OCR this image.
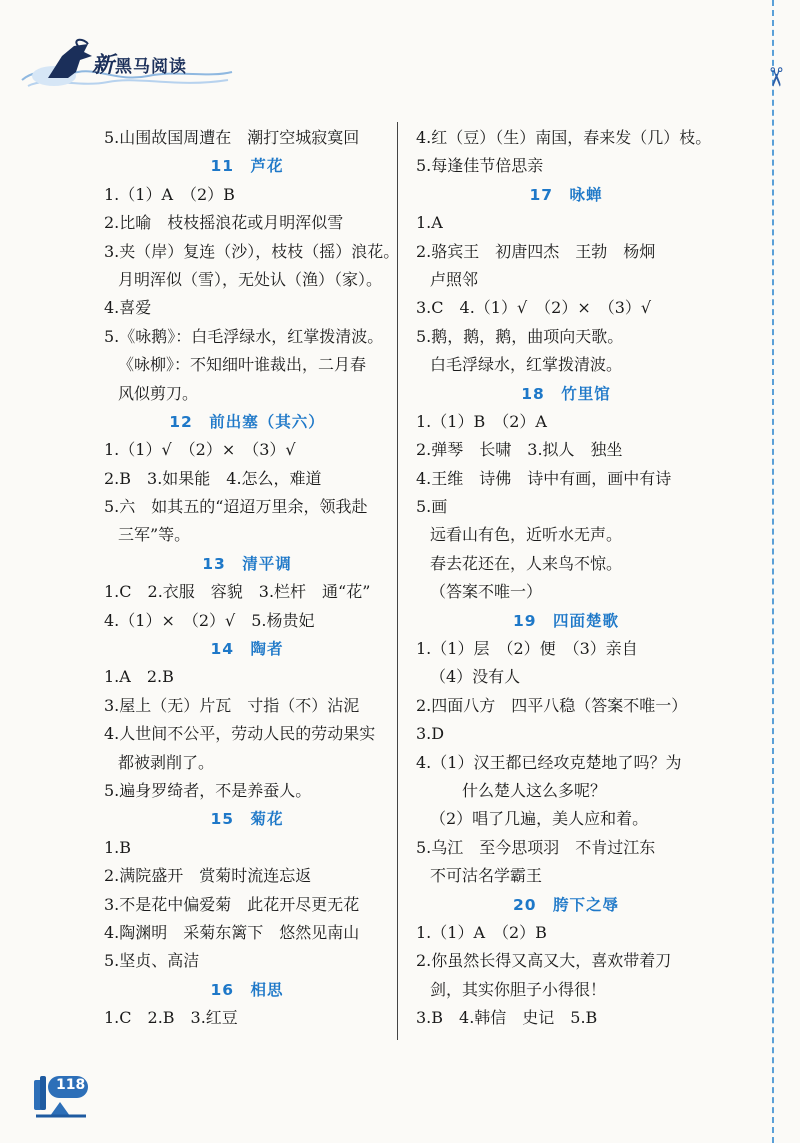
新黑马阅读	✂
5.山围故国周遭在　潮打空城寂寞回
11　芦花
1.（1）A　（2）B
2.比喻　枝枝摇浪花或月明浑似雪
3.夹（岸）复连（沙），枝枝（摇）浪花。
月明浑似（雪），无处认（渔）（家）。
4.喜爱
5.《咏鹅》：白毛浮绿水，红掌拨清波。
《咏柳》：不知细叶谁裁出，二月春
风似剪刀。
12　前出塞（其六）
1.（1）√　（2）×　（3）√
2.B　3.如果能　4.怎么，难道
5.六　如其五的“迢迢万里余，领我赴
三军”等。
13　清平调
1.C　2.衣服　容貌　3.栏杆　通“花”
4.（1）×　（2）√　5.杨贵妃
14　陶者
1.A　2.B
3.屋上（无）片瓦　寸指（不）沾泥
4.人世间不公平，劳动人民的劳动果实
都被剥削了。
5.遍身罗绮者，不是养蚕人。
15　菊花
1.B
2.满院盛开　赏菊时流连忘返
3.不是花中偏爱菊　此花开尽更无花
4.陶渊明　采菊东篱下　悠然见南山
5.坚贞、高洁
16　相思
1.C　2.B　3.红豆
4.红（豆）（生）南国，春来发（几）枝。
5.每逢佳节倍思亲
17　咏蝉
1.A
2.骆宾王　初唐四杰　王勃　杨炯
卢照邻
3.C　4.（1）√　（2）×　（3）√
5.鹅，鹅，鹅，曲项向天歌。
白毛浮绿水，红掌拨清波。
18　竹里馆
1.（1）B　（2）A
2.弹琴　长啸　3.拟人　独坐
4.王维　诗佛　诗中有画，画中有诗
5.画
远看山有色，近听水无声。
春去花还在，人来鸟不惊。
（答案不唯一）
19　四面楚歌
1.（1）层　（2）便　（3）亲自
（4）没有人
2.四面八方　四平八稳（答案不唯一）
3.D
4.（1）汉王都已经攻克楚地了吗？为
　　什么楚人这么多呢？
（2）唱了几遍，美人应和着。
5.乌江　至今思项羽　不肯过江东
不可沽名学霸王
20　胯下之辱
1.（1）A　（2）B
2.你虽然长得又高又大，喜欢带着刀
剑，其实你胆子小得很！
3.B　4.韩信　史记　5.B
118
